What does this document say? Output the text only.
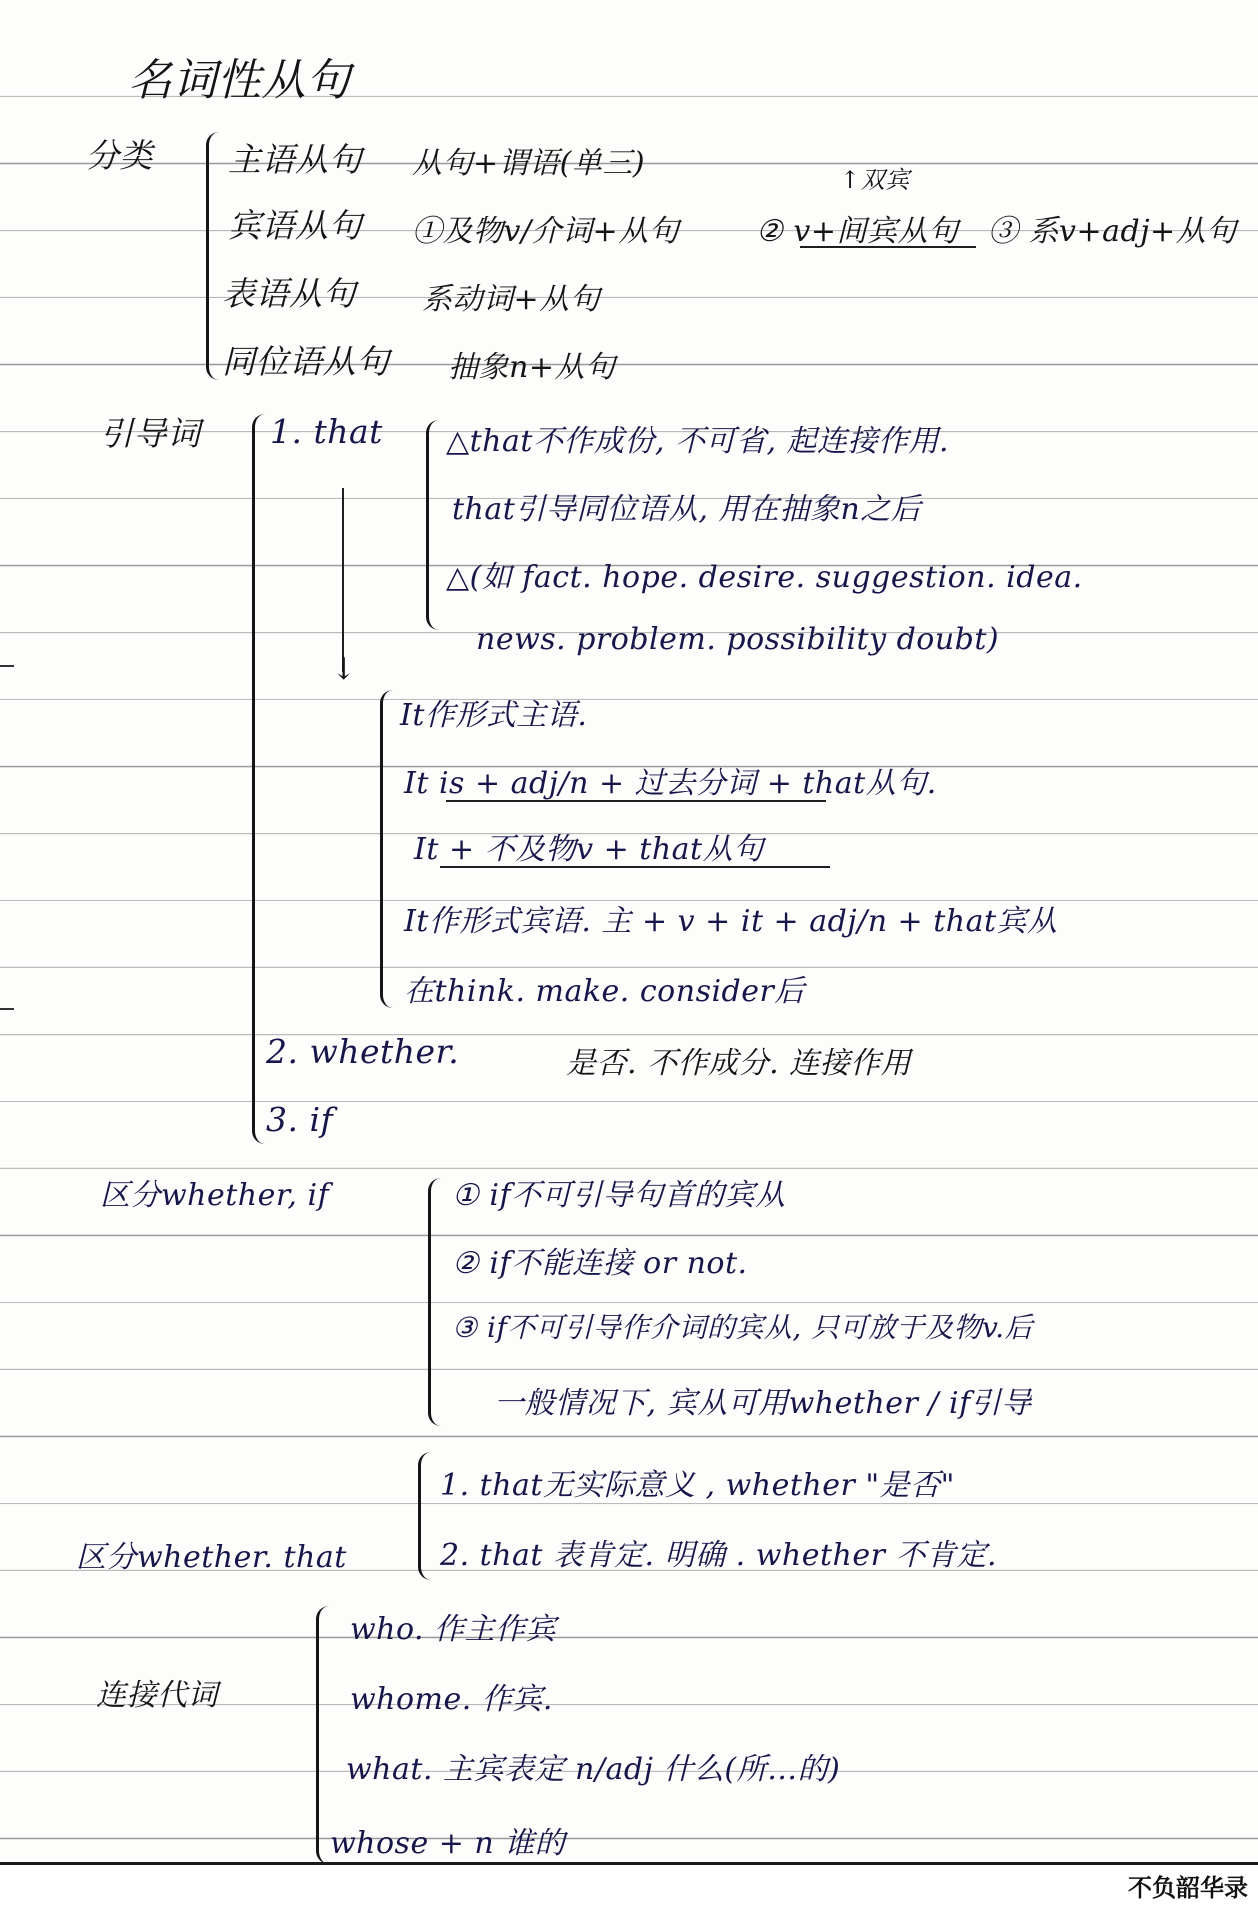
名词性从句
分类 主语从句 从句+谓语(单三)	↑双宾
宾语从句 ①及物v/介词+从句	② v+间宾从句 ③ 系v+adj+从句
表语从句 系动词+从句
同位语从句 抽象n+从句
引导词 1. that △that不作成份, 不可省, 起连接作用.
that引导同位语从, 用在抽象n之后
△(如 fact. hope. desire. suggestion. idea.
news. problem. possibility doubt)
↓
It作形式主语.
It is + adj/n + 过去分词 + that从句.
It + 不及物v + that从句
It作形式宾语. 主 + v + it + adj/n + that宾从
在think. make. consider后
2. whether.	是否. 不作成分. 连接作用
3. if
区分whether, if	① if不可引导句首的宾从
② if不能连接 or not.
③ if不可引导作介词的宾从, 只可放于及物v.后
一般情况下, 宾从可用whether / if引导
区分whether. that
1. that无实际意义 , whether "是否"
2. that 表肯定. 明确 . whether 不肯定.
连接代词
who. 作主作宾
whome. 作宾.
what. 主宾表定 n/adj 什么(所…的)
whose + n 谁的
不负韶华录
